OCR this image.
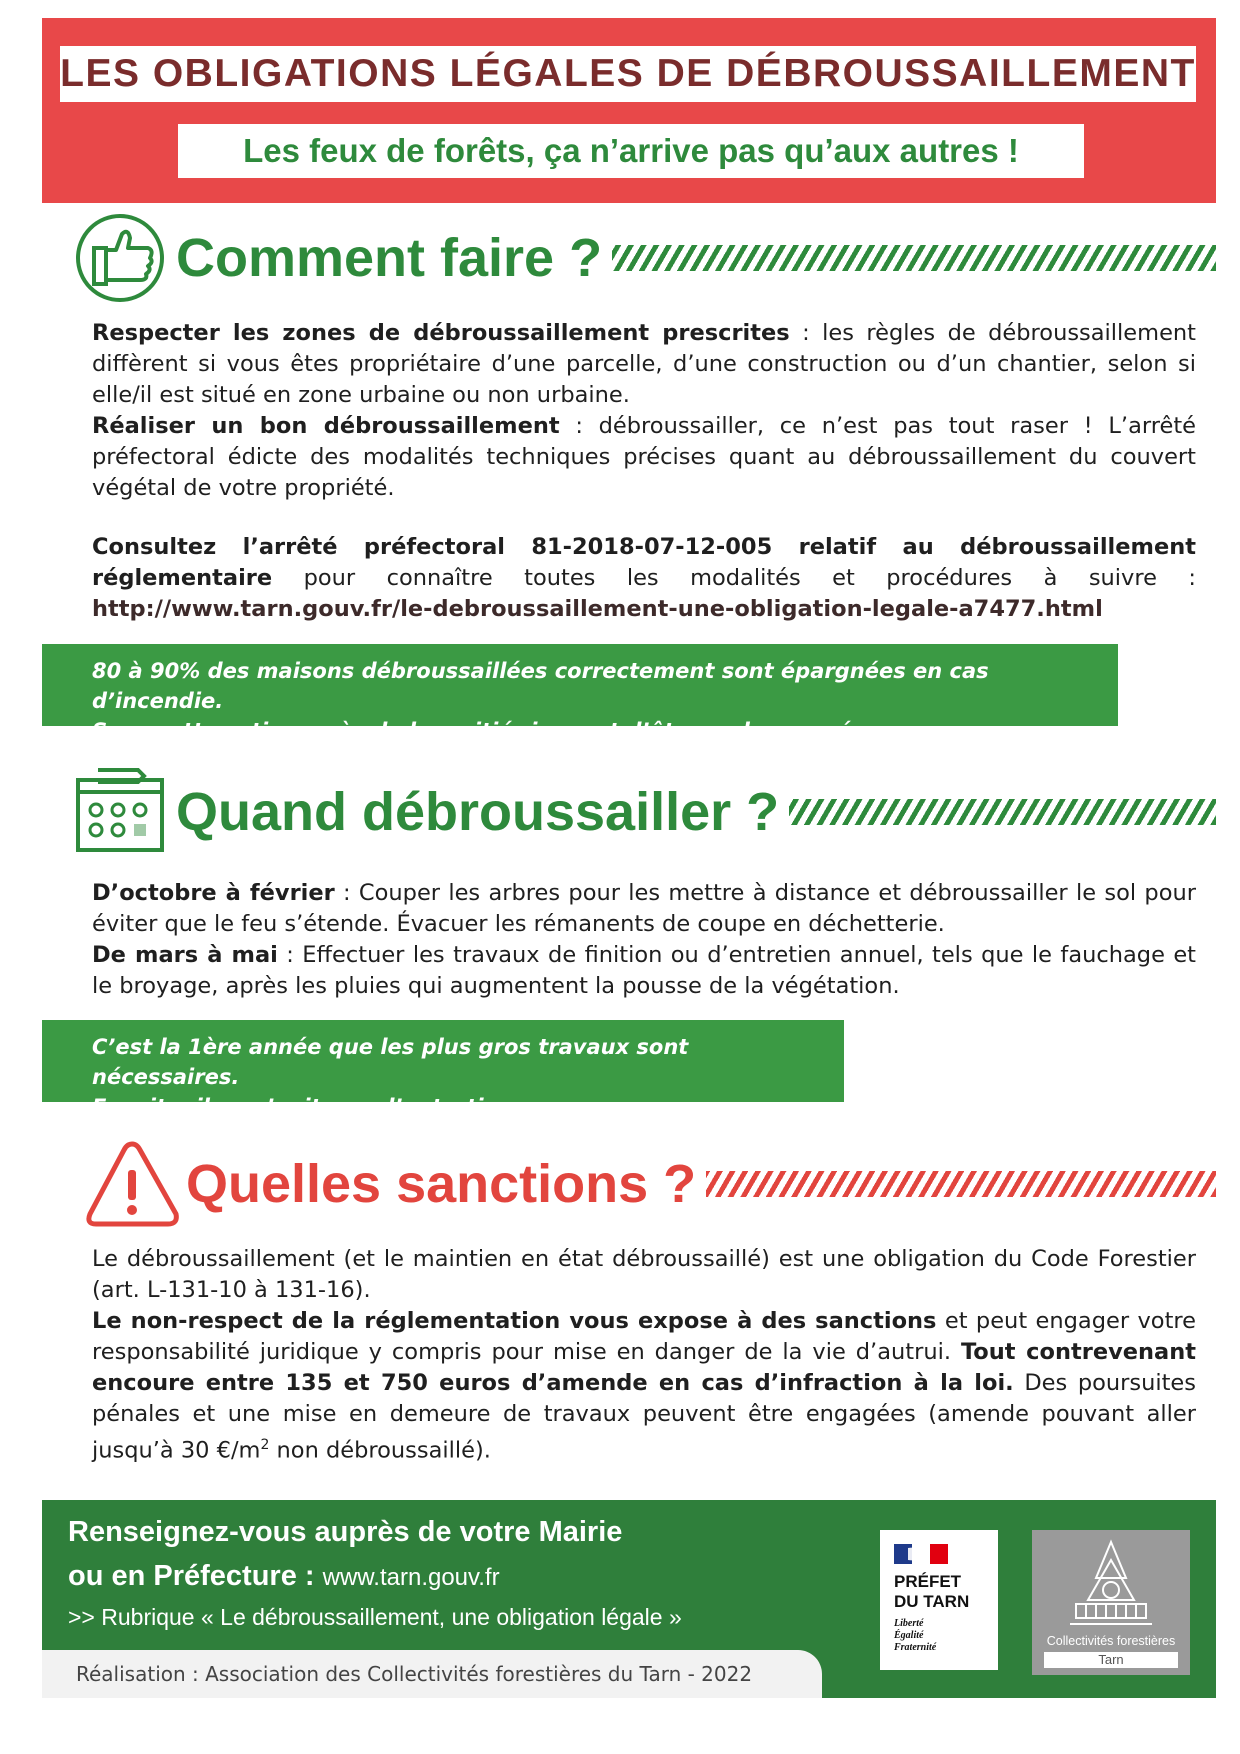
LES OBLIGATIONS LÉGALES DE DÉBROUSSAILLEMENT
Les feux de forêts, ça n’arrive pas qu’aux autres !
Comment faire ?

Respecter les zones de débroussaillement prescrites : les règles de débroussaillement diffèrent si vous êtes propriétaire d’une parcelle, d’une construction ou d’un chantier, selon si elle/il est situé en zone urbaine ou non urbaine.
Réaliser un bon débroussaillement : débroussailler, ce n’est pas tout raser ! L’arrêté préfectoral édicte des modalités techniques précises quant au débroussaillement du couvert végétal de votre propriété.

Consultez l’arrêté préfectoral 81-2018-07-12-005 relatif au débroussaillement réglementaire pour connaître toutes les modalités et procédures à suivre : http://www.tarn.gouv.fr/le-debroussaillement-une-obligation-legale-a7477.html

80 à 90% des maisons débroussaillées correctement sont épargnées en cas d’incendie.
Sans cette action, près de la moitié risquent d’être endommagées.
Quand débroussailler ?

D’octobre à février : Couper les arbres pour les mettre à distance et débroussailler le sol pour éviter que le feu s’étende. Évacuer les rémanents de coupe en déchetterie.
De mars à mai : Effectuer les travaux de finition ou d’entretien annuel, tels que le fauchage et le broyage, après les pluies qui augmentent la pousse de la végétation.

C’est la 1ère année que les plus gros travaux sont nécessaires.
Ensuite, il ne s’agit que d’entretien.
Quelles sanctions ?

Le débroussaillement (et le maintien en état débroussaillé) est une obligation du Code Forestier (art. L-131-10 à 131-16).
Le non-respect de la réglementation vous expose à des sanctions et peut engager votre responsabilité juridique y compris pour mise en danger de la vie d’autrui. Tout contrevenant encoure entre 135 et 750 euros d’amende en cas d’infraction à la loi. Des poursuites pénales et une mise en demeure de travaux peuvent être engagées (amende pouvant aller jusqu’à 30 $€/m^2$ non débroussaillé).

Renseignez-vous auprès de votre Mairie
ou en Préfecture : www.tarn.gouv.fr
>> Rubrique « Le débroussaillement, une obligation légale »
Réalisation : Association des Collectivités forestières du Tarn - 2022
PRÉFET
DU TARN
Liberté
Égalité
Fraternité	Collectivités forestières
Tarn
